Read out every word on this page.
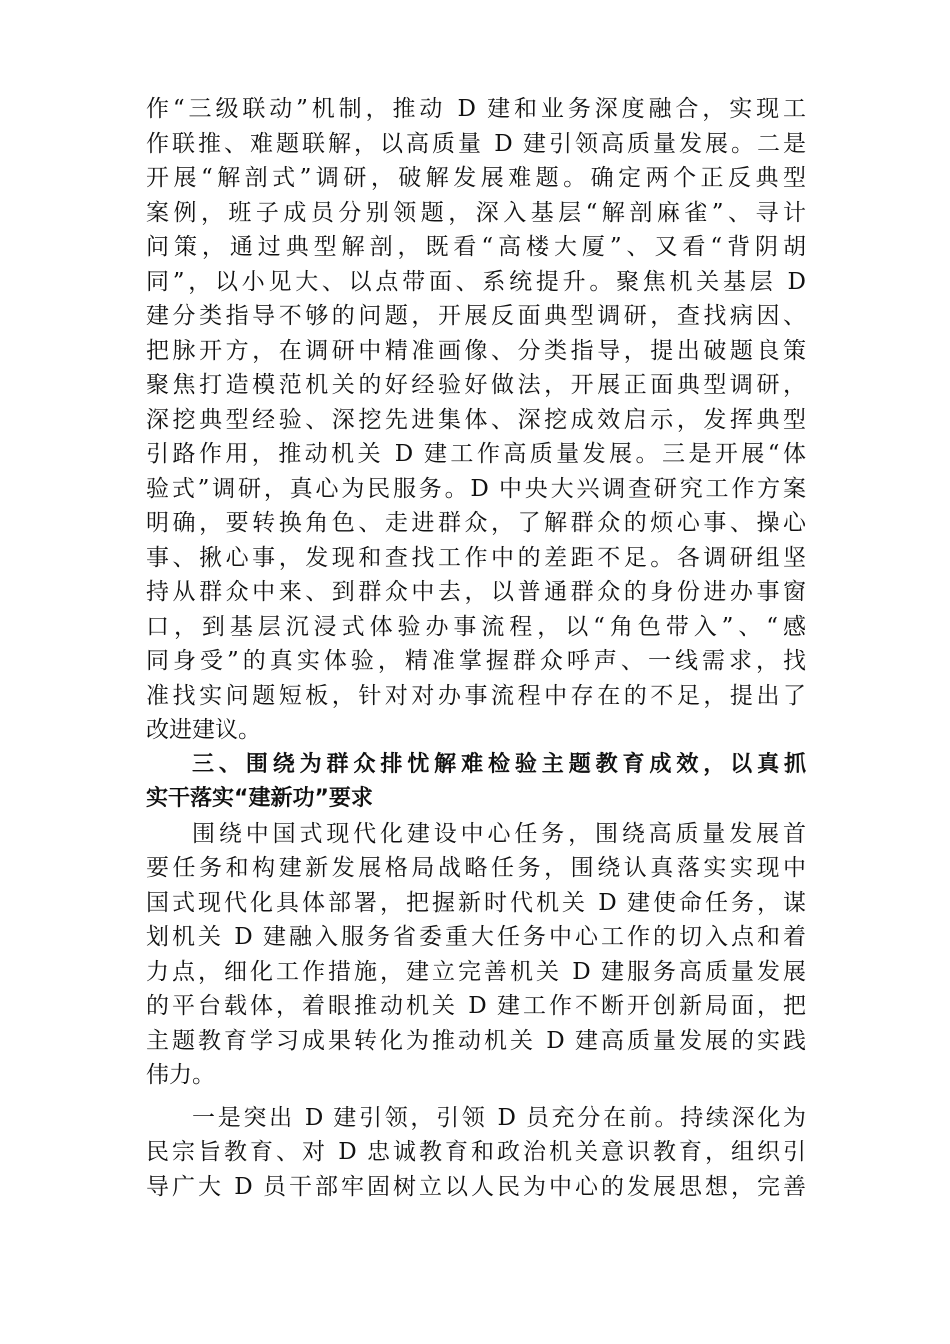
作“三级联动”机制，推动 D 建和业务深度融合，实现工
作联推、难题联解，以高质量 D 建引领高质量发展。二是
开展“解剖式”调研，破解发展难题。确定两个正反典型
案例，班子成员分别领题，深入基层“解剖麻雀”、寻计
问策，通过典型解剖，既看“高楼大厦”、又看“背阴胡
同”，以小见大、以点带面、系统提升。聚焦机关基层 D
建分类指导不够的问题，开展反面典型调研，查找病因、
把脉开方，在调研中精准画像、分类指导，提出破题良策
聚焦打造模范机关的好经验好做法，开展正面典型调研，
深挖典型经验、深挖先进集体、深挖成效启示，发挥典型
引路作用，推动机关 D 建工作高质量发展。三是开展“体
验式”调研，真心为民服务。D 中央大兴调查研究工作方案
明确，要转换角色、走进群众，了解群众的烦心事、操心
事、揪心事，发现和查找工作中的差距不足。各调研组坚
持从群众中来、到群众中去，以普通群众的身份进办事窗
口，到基层沉浸式体验办事流程，以“角色带入”、“感
同身受”的真实体验，精准掌握群众呼声、一线需求，找
准找实问题短板，针对对办事流程中存在的不足，提出了
改进建议。
三、围绕为群众排忧解难检验主题教育成效，以真抓
实干落实“建新功”要求
围绕中国式现代化建设中心任务，围绕高质量发展首
要任务和构建新发展格局战略任务，围绕认真落实实现中
国式现代化具体部署，把握新时代机关 D 建使命任务，谋
划机关 D 建融入服务省委重大任务中心工作的切入点和着
力点，细化工作措施，建立完善机关 D 建服务高质量发展
的平台载体，着眼推动机关 D 建工作不断开创新局面，把
主题教育学习成果转化为推动机关 D 建高质量发展的实践
伟力。
一是突出 D 建引领，引领 D 员充分在前。持续深化为
民宗旨教育、对 D 忠诚教育和政治机关意识教育，组织引
导广大 D 员干部牢固树立以人民为中心的发展思想，完善
